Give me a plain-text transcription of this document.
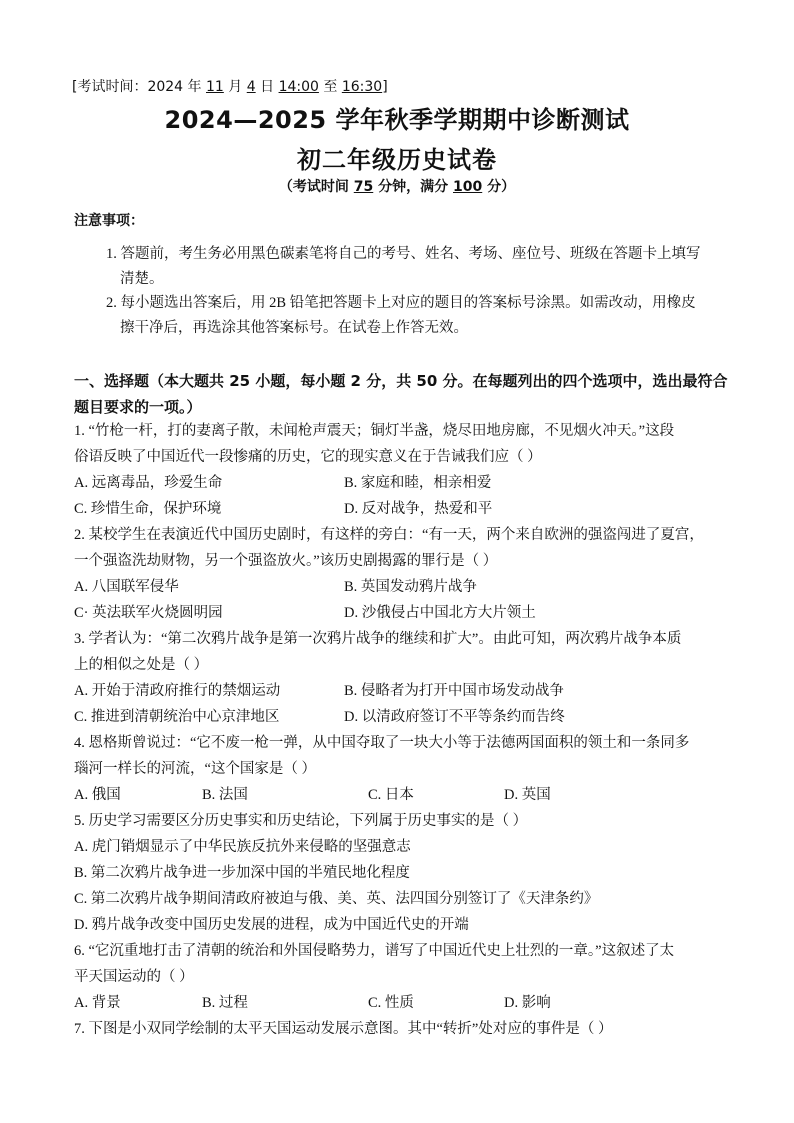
[考试时间：2024 年 11 月 4 日 14:00 至 16:30]
2024—2025 学年秋季学期期中诊断测试
初二年级历史试卷
（考试时间 75 分钟，满分 100 分）
注意事项：
1. 答题前，考生务必用黑色碳素笔将自己的考号、姓名、考场、座位号、班级在答题卡上填写
清楚。
2. 每小题选出答案后，用 2B 铅笔把答题卡上对应的题目的答案标号涂黑。如需改动，用橡皮
擦干净后，再选涂其他答案标号。在试卷上作答无效。
一、选择题（本大题共 25 小题，每小题 2 分，共 50 分。在每题列出的四个选项中，选出最符合
题目要求的一项。）
1. “竹枪一杆，打的妻离子散，未闻枪声震天；铜灯半盏，烧尽田地房廊，不见烟火冲天。”这段
俗语反映了中国近代一段惨痛的历史，它的现实意义在于告诫我们应（ ）
A. 远离毒品，珍爱生命	B. 家庭和睦，相亲相爱
C. 珍惜生命，保护环境	D. 反对战争，热爱和平
2. 某校学生在表演近代中国历史剧时，有这样的旁白：“有一天，两个来自欧洲的强盗闯进了夏宫，
一个强盗洗劫财物，另一个强盗放火。”该历史剧揭露的罪行是（ ）
A. 八国联军侵华	B. 英国发动鸦片战争
C· 英法联军火烧圆明园	D. 沙俄侵占中国北方大片领土
3. 学者认为：“第二次鸦片战争是第一次鸦片战争的继续和扩大”。由此可知，两次鸦片战争本质
上的相似之处是（ ）
A. 开始于清政府推行的禁烟运动	B. 侵略者为打开中国市场发动战争
C. 推进到清朝统治中心京津地区	D. 以清政府签订不平等条约而告终
4. 恩格斯曾说过：“它不废一枪一弹，从中国夺取了一块大小等于法德两国面积的领土和一条同多
瑙河一样长的河流，“这个国家是（ ）
A. 俄国	B. 法国	C. 日本	D. 英国
5. 历史学习需要区分历史事实和历史结论，下列属于历史事实的是（ ）
A. 虎门销烟显示了中华民族反抗外来侵略的坚强意志
B. 第二次鸦片战争进一步加深中国的半殖民地化程度
C. 第二次鸦片战争期间清政府被迫与俄、美、英、法四国分别签订了《天津条约》
D. 鸦片战争改变中国历史发展的进程，成为中国近代史的开端
6. “它沉重地打击了清朝的统治和外国侵略势力，谱写了中国近代史上壮烈的一章。”这叙述了太
平天国运动的（ ）
A. 背景	B. 过程	C. 性质	D. 影响
7. 下图是小双同学绘制的太平天国运动发展示意图。其中“转折”处对应的事件是（ ）
